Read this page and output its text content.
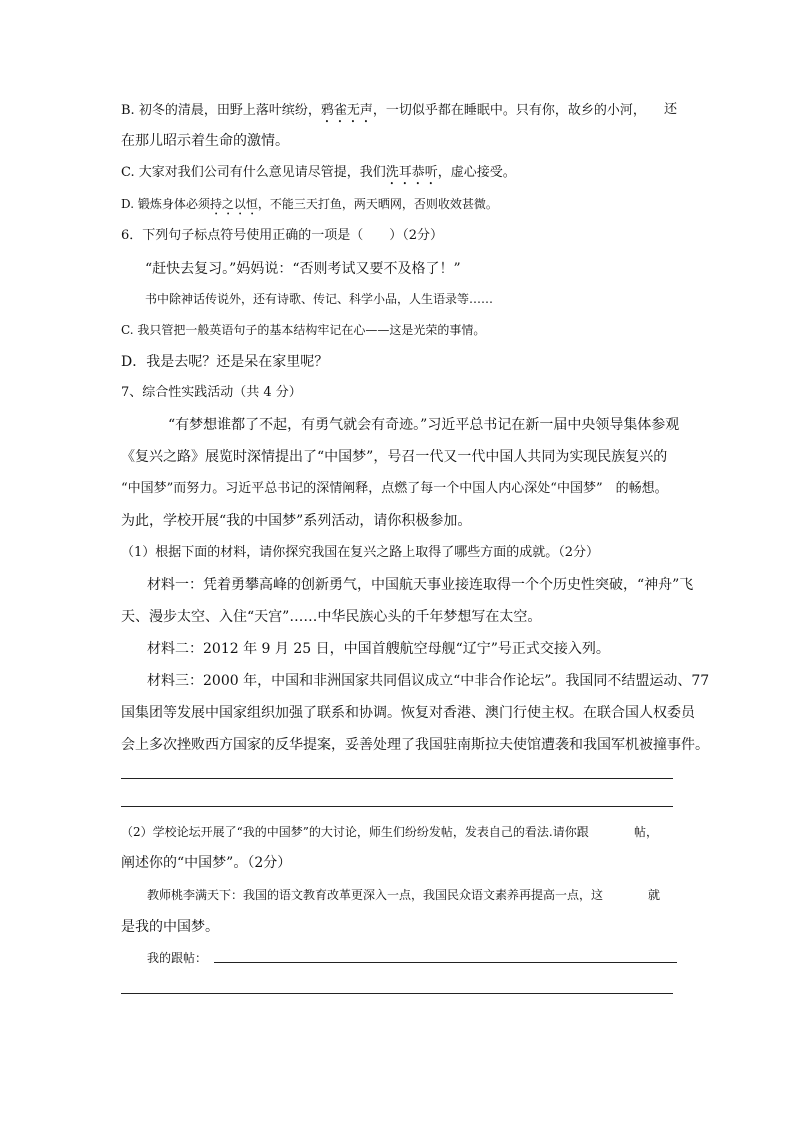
B. 初冬的清晨，田野上落叶缤纷，鸦雀无声，一切似乎都在睡眠中。只有你，故乡的小河， 还
在那儿昭示着生命的激情。
C. 大家对我们公司有什么意见请尽管提，我们洗耳恭听，虚心接受。
D. 锻炼身体必须持之以恒，不能三天打鱼，两天晒网，否则收效甚微。
6．下列句子标点符号使用正确的一项是（　　）（2分）
“赶快去复习。”妈妈说：“否则考试又要不及格了！”
书中除神话传说外，还有诗歌、传记、科学小品，人生语录等……
C. 我只管把一般英语句子的基本结构牢记在心——这是光荣的事情。
D．我是去呢？还是呆在家里呢？
7、综合性实践活动（共 4 分）
“有梦想谁都了不起，有勇气就会有奇迹。”习近平总书记在新一届中央领导集体参观
《复兴之路》展览时深情提出了“中国梦”，号召一代又一代中国人共同为实现民族复兴的
“中国梦”而努力。习近平总书记的深情阐释，点燃了每一个中国人内心深处“中国梦”　的畅想。
为此，学校开展“我的中国梦”系列活动，请你积极参加。
（1）根据下面的材料，请你探究我国在复兴之路上取得了哪些方面的成就。（2分）
材料一：凭着勇攀高峰的创新勇气，中国航天事业接连取得一个个历史性突破，“神舟”飞
天、漫步太空、入住“天宫”……中华民族心头的千年梦想写在太空。
材料二：2012 年 9 月 25 日，中国首艘航空母舰“辽宁”号正式交接入列。
材料三：2000 年，中国和非洲国家共同倡议成立“中非合作论坛”。我国同不结盟运动、77
国集团等发展中国家组织加强了联系和协调。恢复对香港、澳门行使主权。在联合国人权委员
会上多次挫败西方国家的反华提案，妥善处理了我国驻南斯拉夫使馆遭袭和我国军机被撞事件。
（2）学校论坛开展了“我的中国梦”的大讨论，师生们纷纷发帖，发表自己的看法.请你跟	帖，
阐述你的“中国梦”。（2分）
教师桃李满天下：我国的语文教育改革更深入一点，我国民众语文素养再提高一点，这	就
是我的中国梦。
我的跟帖：
